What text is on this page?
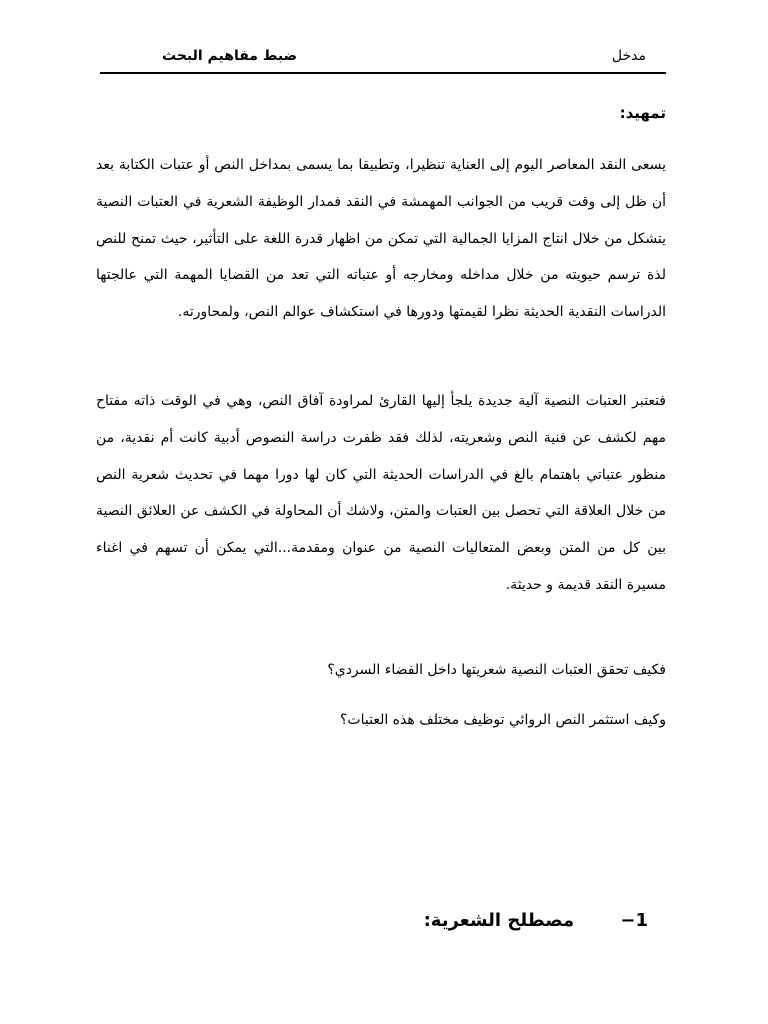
مدخل
ضبط مفاهيم البحث
تمهيد:

يسعى النقد المعاصر اليوم إلى العناية تنظيرا، وتطبيقا بما يسمى بمداخل النص أو عتبات الكتابة بعد أن ظل إلى وقت قريب من الجوانب المهمشة في النقد فمدار الوظيفة الشعرية في العتبات النصية يتشكل من خلال انتاج المزايا الجمالية التي تمكن من اظهار قدرة اللغة على التأثير، حيث تمنح للنص لذة ترسم حيويته من خلال مداخله ومخارجه أو عتباته التي تعد من القضايا المهمة التي عالجتها الدراسات النقدية الحديثة نظرا لقيمتها ودورها في استكشاف عوالم النص، ولمحاورته.

فتعتبر العتبات النصية آلية جديدة يلجأ إليها القارئ لمراودة آفاق النص، وهي في الوقت ذاته مفتاح مهم لكشف عن فنية النص وشعريته، لذلك فقد ظفرت دراسة النصوص أدبية كانت أم نقدية، من منظور عتباتي باهتمام بالغ في الدراسات الحديثة التي كان لها دورا مهما في تحديث شعرية النص من خلال العلاقة التي تحصل بين العتبات والمتن، ولاشك أن المحاولة في الكشف عن العلائق النصية بين كل من المتن وبعض المتعاليات النصية من عنوان ومقدمة...التي يمكن أن تسهم في اغناء مسيرة النقد قديمة و حديثة.

فكيف تحقق العتبات النصية شعريتها داخل الفضاء السردي؟

وكيف استثمر النص الروائي توظيف مختلف هذه العتبات؟

1− مصطلح الشعرية:
